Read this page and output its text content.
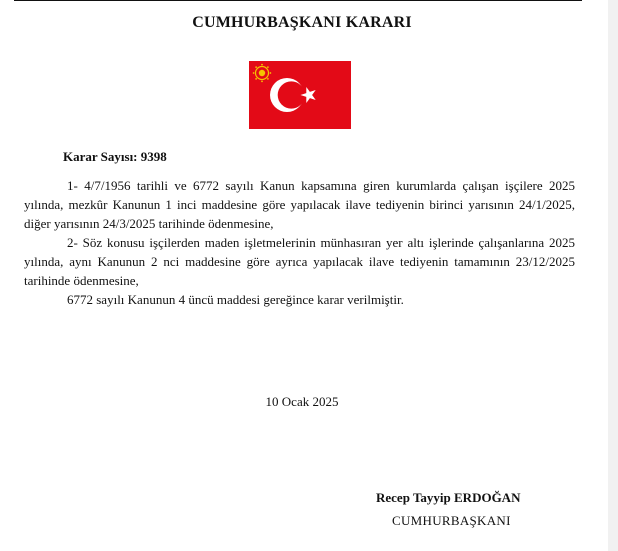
CUMHURBAŞKANI KARARI
Karar Sayısı: 9398

1- 4/7/1956 tarihli ve 6772 sayılı Kanun kapsamına giren kurumlarda çalışan işçilere 2025 yılında, mezkûr Kanunun 1 inci maddesine göre yapılacak ilave tediyenin birinci yarısının 24/1/2025, diğer yarısının 24/3/2025 tarihinde ödenmesine,

2- Söz konusu işçilerden maden işletmelerinin münhasıran yer altı işlerinde çalışanlarına 2025 yılında, aynı Kanunun 2 nci maddesine göre ayrıca yapılacak ilave tediyenin tamamının 23/12/2025 tarihinde ödenmesine,

6772 sayılı Kanunun 4 üncü maddesi gereğince karar verilmiştir.

10 Ocak 2025
Recep Tayyip ERDOĞAN
CUMHURBAŞKANI
